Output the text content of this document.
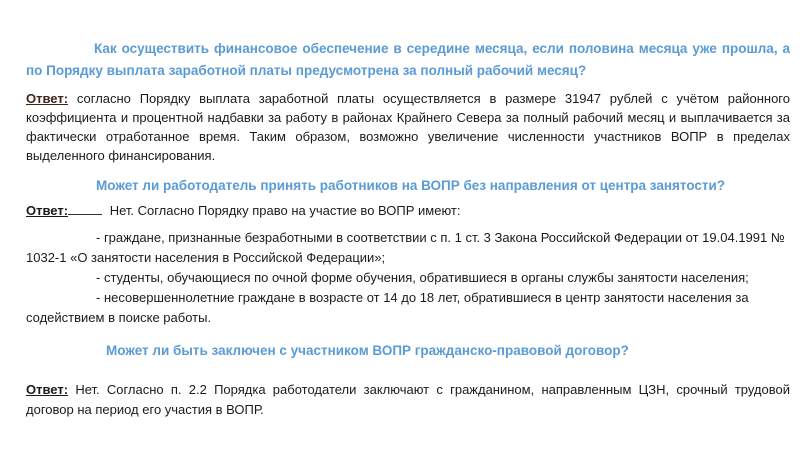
Как осуществить финансовое обеспечение в середине месяца, если половина месяца уже прошла, а по Порядку выплата заработной платы предусмотрена за полный рабочий месяц?

Ответ: согласно Порядку выплата заработной платы осуществляется в размере 31947 рублей с учётом районного коэффициента и процентной надбавки за работу в районах Крайнего Севера за полный рабочий месяц и выплачивается за фактически отработанное время. Таким образом, возможно увеличение численности участников ВОПР в пределах выделенного финансирования.

Может ли работодатель принять работников на ВОПР без направления от центра занятости?

Ответ:	Нет. Согласно Порядку право на участие во ВОПР имеют:

- граждане, признанные безработными в соответствии с п. 1 ст. 3 Закона Российской Федерации от 19.04.1991 № 1032-1 «О занятости населения в Российской Федерации»;

- студенты, обучающиеся по очной форме обучения, обратившиеся в органы службы занятости населения;

- несовершеннолетние граждане в возрасте от 14 до 18 лет, обратившиеся в центр занятости населения за содействием в поиске работы.

Может ли быть заключен с участником ВОПР гражданско-правовой договор?

Ответ: Нет. Согласно п. 2.2 Порядка работодатели заключают с гражданином, направленным ЦЗН, срочный трудовой договор на период его участия в ВОПР.
